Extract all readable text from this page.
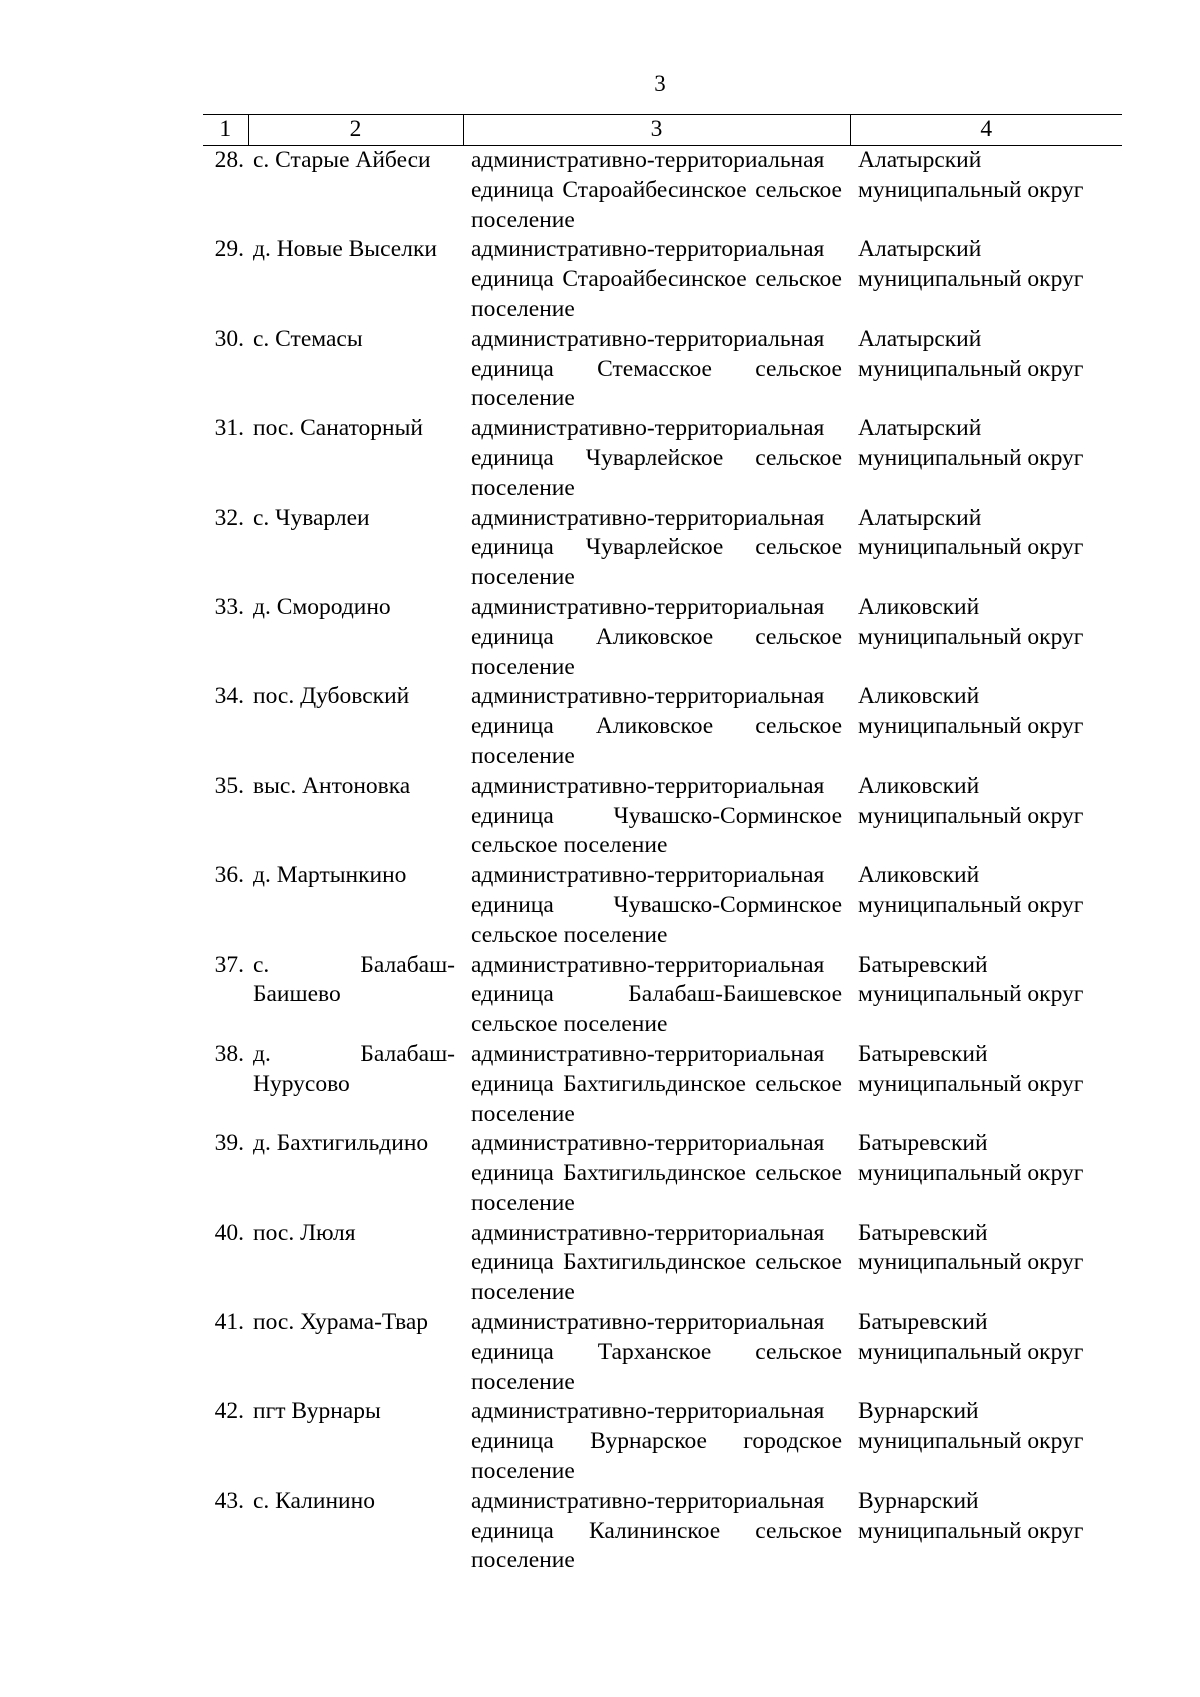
3
1	2	3	4
28.	с. Старые Айбеси	административно-территориальная единица Староайбесинское сельское поселение	Алатырский муниципальный округ
29.	д. Новые Выселки	административно-территориальная единица Староайбесинское сельское поселение	Алатырский муниципальный округ
30.	с. Стемасы	административно-территориальная единица Стемасское сельское поселение	Алатырский муниципальный округ
31.	пос. Санаторный	административно-территориальная единица Чуварлейское сельское поселение	Алатырский муниципальный округ
32.	с. Чуварлеи	административно-территориальная единица Чуварлейское сельское поселение	Алатырский муниципальный округ
33.	д. Смородино	административно-территориальная единица Аликовское сельское поселение	Аликовский муниципальный округ
34.	пос. Дубовский	административно-территориальная единица Аликовское сельское поселение	Аликовский муниципальный округ
35.	выс. Антоновка	административно-территориальная единица Чувашско-Сорминское сельское поселение	Аликовский муниципальный округ
36.	д. Мартынкино	административно-территориальная единица Чувашско-Сорминское сельское поселение	Аликовский муниципальный округ
37.	с. Балабаш-Баишево	административно-территориальная единица Балабаш-Баишевское сельское поселение	Батыревский муниципальный округ
38.	д. Балабаш-Нурусово	административно-территориальная единица Бахтигильдинское сельское поселение	Батыревский муниципальный округ
39.	д. Бахтигильдино	административно-территориальная единица Бахтигильдинское сельское поселение	Батыревский муниципальный округ
40.	пос. Люля	административно-территориальная единица Бахтигильдинское сельское поселение	Батыревский муниципальный округ
41.	пос. Хурама-Твар	административно-территориальная единица Тарханское сельское поселение	Батыревский муниципальный округ
42.	пгт Вурнары	административно-территориальная единица Вурнарское городское поселение	Вурнарский муниципальный округ
43.	с. Калинино	административно-территориальная единица Калининское сельское поселение	Вурнарский муниципальный округ
